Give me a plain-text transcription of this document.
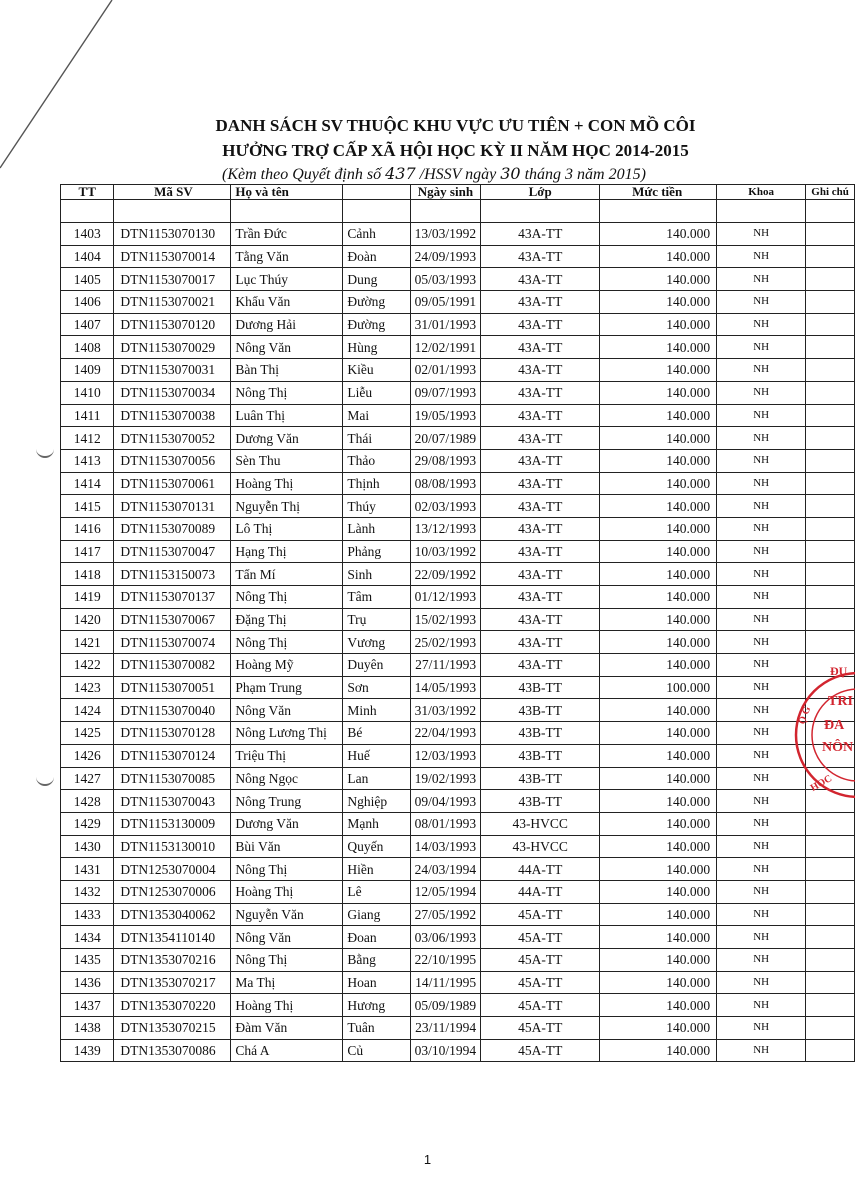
DANH SÁCH SV THUỘC KHU VỰC ƯU TIÊN + CON MỒ CÔI
HƯỞNG TRỢ CẤP XÃ HỘI HỌC KỲ II NĂM HỌC 2014-2015
(Kèm theo Quyết định số 437 /HSSV ngày 30 tháng 3 năm 2015)
TT	Mã SV	Họ và tên		Ngày sinh	Lớp	Mức tiền	Khoa	Ghi chú

1403	DTN1153070130	Trần Đức	Cảnh	13/03/1992	43A-TT	140.000	NH	
1404	DTN1153070014	Tằng Văn	Đoàn	24/09/1993	43A-TT	140.000	NH	
1405	DTN1153070017	Lục Thúy	Dung	05/03/1993	43A-TT	140.000	NH	
1406	DTN1153070021	Khẩu Văn	Đường	09/05/1991	43A-TT	140.000	NH	
1407	DTN1153070120	Dương Hải	Đường	31/01/1993	43A-TT	140.000	NH	
1408	DTN1153070029	Nông Văn	Hùng	12/02/1991	43A-TT	140.000	NH	
1409	DTN1153070031	Bàn Thị	Kiều	02/01/1993	43A-TT	140.000	NH	
1410	DTN1153070034	Nông Thị	Liễu	09/07/1993	43A-TT	140.000	NH	
1411	DTN1153070038	Luân Thị	Mai	19/05/1993	43A-TT	140.000	NH	
1412	DTN1153070052	Dương Văn	Thái	20/07/1989	43A-TT	140.000	NH	
1413	DTN1153070056	Sèn Thu	Thảo	29/08/1993	43A-TT	140.000	NH	
1414	DTN1153070061	Hoàng Thị	Thịnh	08/08/1993	43A-TT	140.000	NH	
1415	DTN1153070131	Nguyễn Thị	Thúy	02/03/1993	43A-TT	140.000	NH	
1416	DTN1153070089	Lô Thị	Lành	13/12/1993	43A-TT	140.000	NH	
1417	DTN1153070047	Hạng Thị	Phảng	10/03/1992	43A-TT	140.000	NH	
1418	DTN1153150073	Tẩn Mí	Sinh	22/09/1992	43A-TT	140.000	NH	
1419	DTN1153070137	Nông Thị	Tâm	01/12/1993	43A-TT	140.000	NH	
1420	DTN1153070067	Đặng Thị	Trụ	15/02/1993	43A-TT	140.000	NH	
1421	DTN1153070074	Nông Thị	Vương	25/02/1993	43A-TT	140.000	NH	
1422	DTN1153070082	Hoàng Mỹ	Duyên	27/11/1993	43A-TT	140.000	NH	
1423	DTN1153070051	Phạm Trung	Sơn	14/05/1993	43B-TT	100.000	NH	
1424	DTN1153070040	Nông Văn	Minh	31/03/1992	43B-TT	140.000	NH	
1425	DTN1153070128	Nông Lương Thị	Bé	22/04/1993	43B-TT	140.000	NH	
1426	DTN1153070124	Triệu Thị	Huế	12/03/1993	43B-TT	140.000	NH	
1427	DTN1153070085	Nông Ngọc	Lan	19/02/1993	43B-TT	140.000	NH	
1428	DTN1153070043	Nông Trung	Nghiệp	09/04/1993	43B-TT	140.000	NH	
1429	DTN1153130009	Dương Văn	Mạnh	08/01/1993	43-HVCC	140.000	NH	
1430	DTN1153130010	Bùi Văn	Quyến	14/03/1993	43-HVCC	140.000	NH	
1431	DTN1253070004	Nông Thị	Hiền	24/03/1994	44A-TT	140.000	NH	
1432	DTN1253070006	Hoàng Thị	Lê	12/05/1994	44A-TT	140.000	NH	
1433	DTN1353040062	Nguyễn Văn	Giang	27/05/1992	45A-TT	140.000	NH	
1434	DTN1354110140	Nông Văn	Đoan	03/06/1993	45A-TT	140.000	NH	
1435	DTN1353070216	Nông Thị	Bằng	22/10/1995	45A-TT	140.000	NH	
1436	DTN1353070217	Ma Thị	Hoan	14/11/1995	45A-TT	140.000	NH	
1437	DTN1353070220	Hoàng Thị	Hương	05/09/1989	45A-TT	140.000	NH	
1438	DTN1353070215	Đàm Văn	Tuân	23/11/1994	45A-TT	140.000	NH	
1439	DTN1353070086	Chá A	Củ	03/10/1994	45A-TT	140.000	NH	
ĐỤ
TRI
ĐA
NÔN
Ộ G
HỌC
1
